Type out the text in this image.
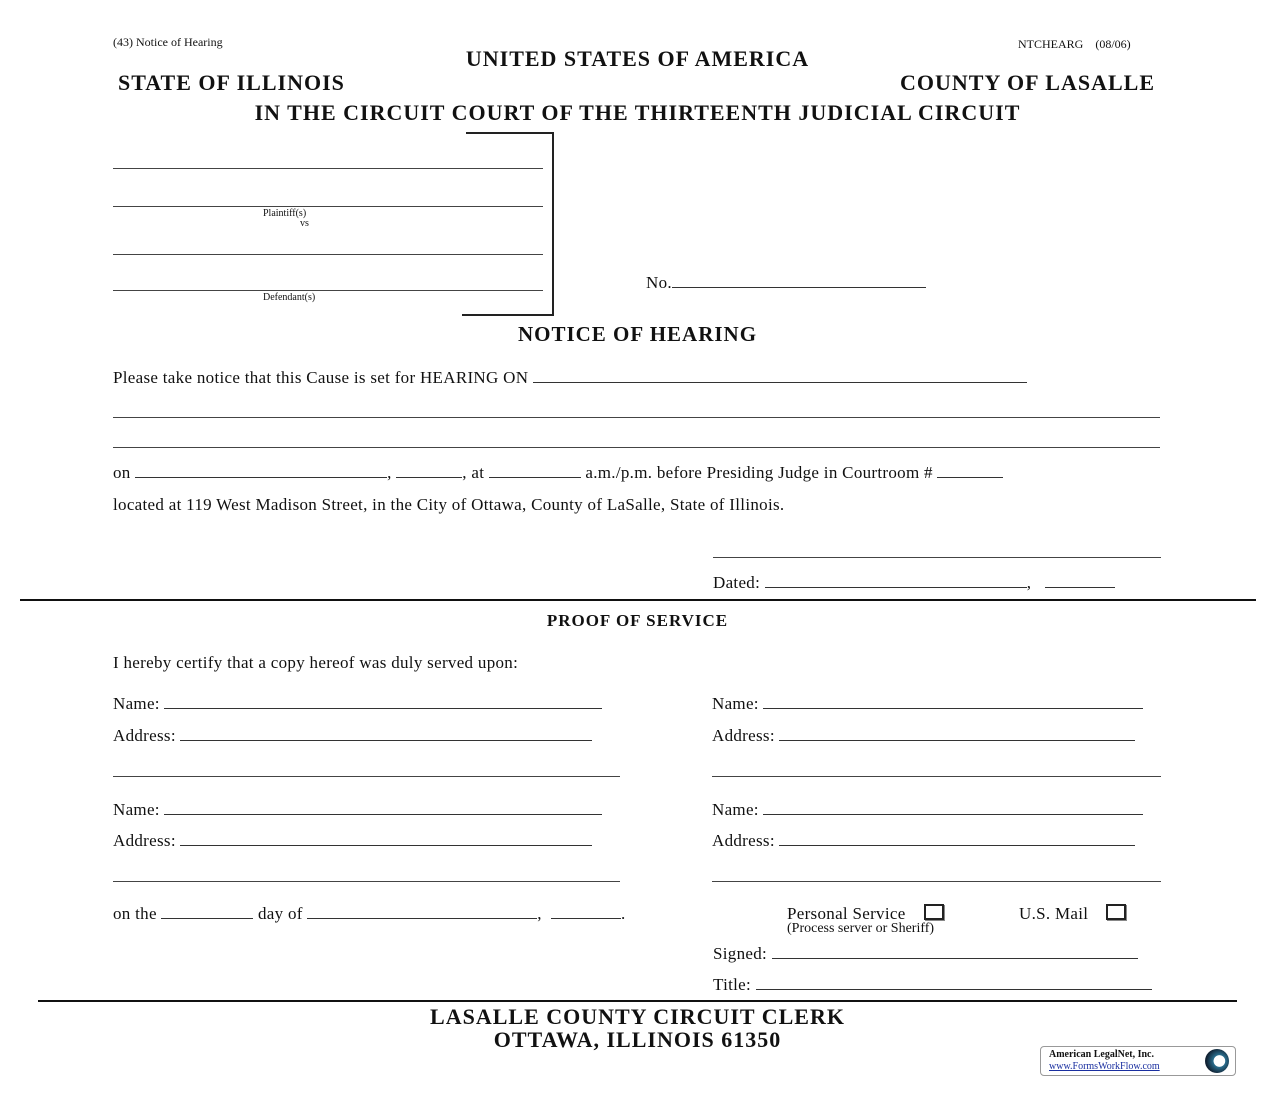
(43) Notice of Hearing	NTCHEARG    (08/06)
UNITED STATES OF AMERICA
STATE OF ILLINOIS	COUNTY OF LASALLE
IN THE CIRCUIT COURT OF THE THIRTEENTH JUDICIAL CIRCUIT
Plaintiff(s)
vs
Defendant(s)
No.
NOTICE OF HEARING
Please take notice that this Cause is set for HEARING ON
on	,	, at	a.m./p.m. before Presiding Judge in Courtroom #
located at 119 West Madison Street, in the City of Ottawa, County of LaSalle, State of Illinois.
Dated:	,
PROOF OF SERVICE
I hereby certify that a copy hereof was duly served upon:
Name:
Address:
Name:
Address:
Name:
Address:
Name:
Address:
on the	day of	,	.	Personal Service
(Process server or Sheriff)
U.S. Mail
Signed:
Title:
LASALLE COUNTY CIRCUIT CLERK
OTTAWA, ILLINOIS 61350
American LegalNet, Inc.
www.FormsWorkFlow.com
